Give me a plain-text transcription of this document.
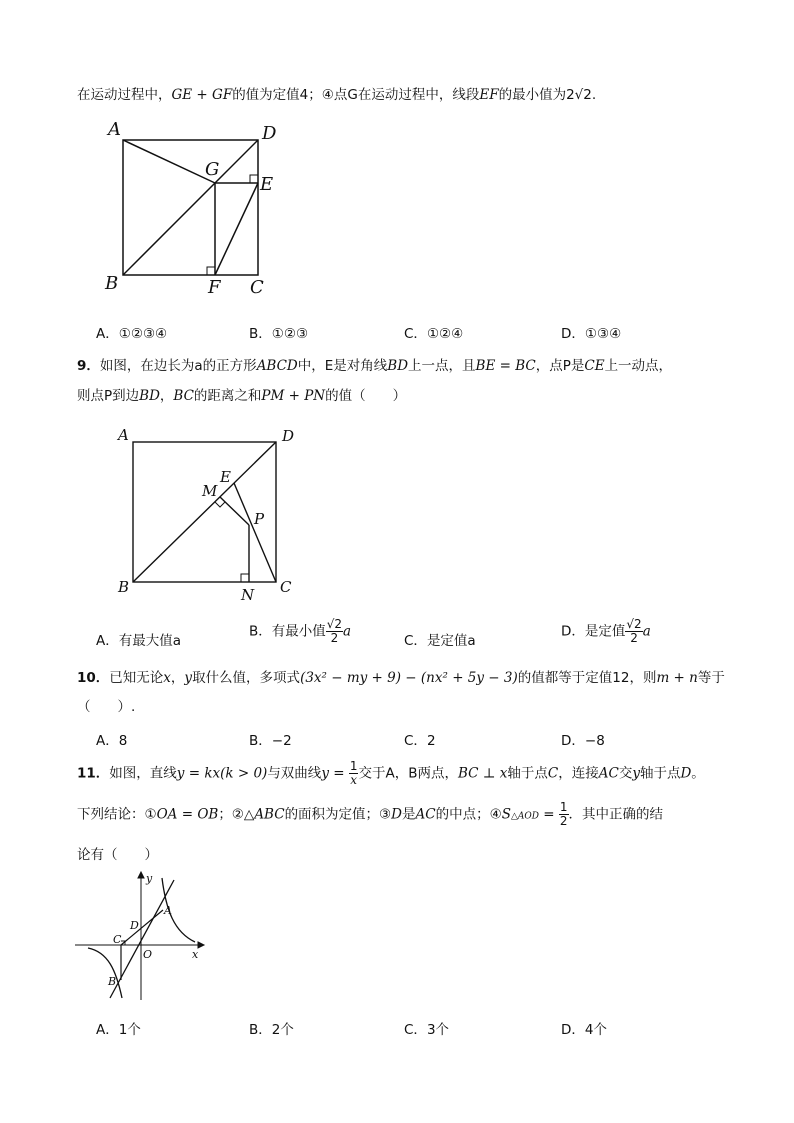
在运动过程中，GE + GF的值为定值4；④点G在运动过程中，线段EF的最小值为2√2.
A	D
G
E
B	F C
A．①②③④	B．①②③	C．①②④	D．①③④
9．如图，在边长为a的正方形ABCD中，E是对角线BD上一点，且BE = BC，点P是CE上一动点，
则点P到边BD，BC的距离之和PM + PN的值（　　）
A	D
E
M
P
B	N C
A．有最大值a
B．有最小值 $\frac{√2}{2}$ a
C．是定值a
D．是定值 $\frac{√2}{2}$ a
10．已知无论x，y取什么值，多项式(3x² − my + 9) − (nx² + 5y − 3)的值都等于定值12，则m + n等于
（　　）.
A．8	B．−2	C．2	D．−8
11．如图，直线y = kx(k > 0)与双曲线$y = \frac{1}{x}$ 交于A，B两点，BC ⊥ x轴于点C，连接AC交y轴于点D。
下列结论：①OA = OB；②△ABC的面积为定值；③D是AC的中点；④S△AOD = $\frac{1}{2}$ ．其中正确的结
论有（　　）
y
A
D
C
O	x
B
A．1个	B．2个	C．3个	D．4个
